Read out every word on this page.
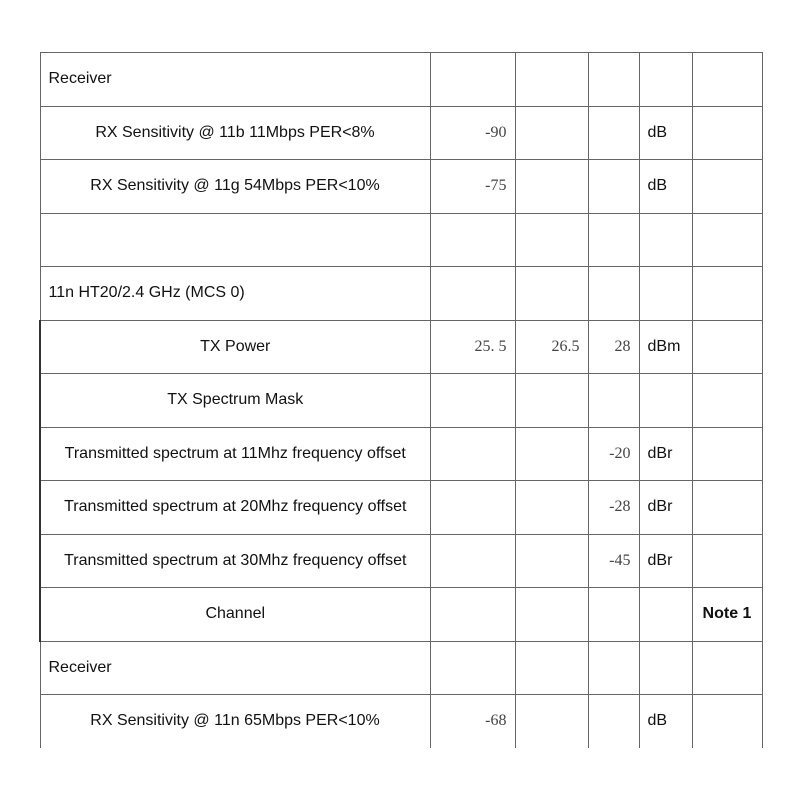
Receiver					
RX Sensitivity @ 11b 11Mbps PER<8%	-90			dB	
RX Sensitivity @ 11g 54Mbps PER<10%	-75			dB	

11n HT20/2.4 GHz (MCS 0)					
TX Power	25. 5	26.5	28	dBm	
TX Spectrum Mask					
Transmitted spectrum at 11Mhz frequency offset			-20	dBr	
Transmitted spectrum at 20Mhz frequency offset			-28	dBr	
Transmitted spectrum at 30Mhz frequency offset			-45	dBr	
Channel					Note 1
Receiver					
RX Sensitivity @ 11n 65Mbps PER<10%	-68			dB	
